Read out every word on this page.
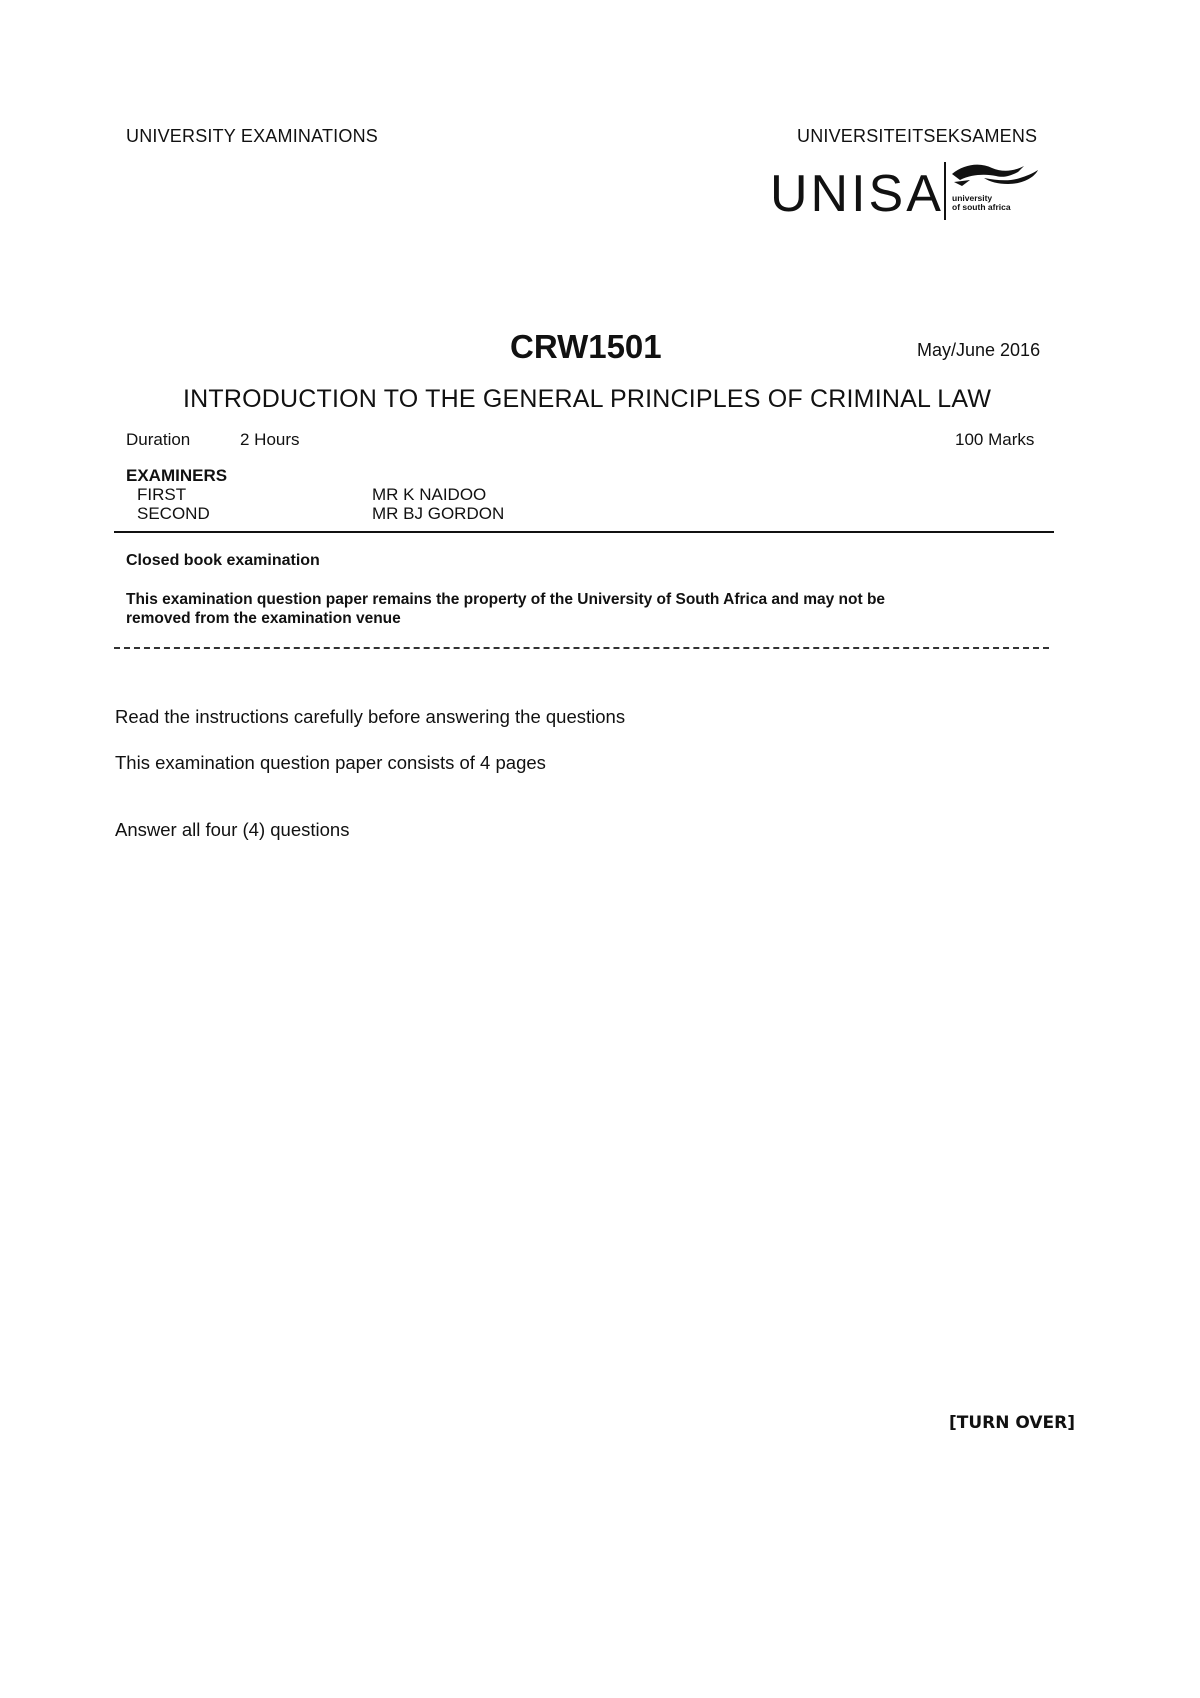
UNIVERSITY EXAMINATIONS	UNIVERSITEITSEKSAMENS
UNISA university
of south africa
CRW1501	May/June 2016
INTRODUCTION TO THE GENERAL PRINCIPLES OF CRIMINAL LAW
Duration	2 Hours	100 Marks
EXAMINERS
FIRST	MR K NAIDOO
SECOND	MR BJ GORDON
Closed book examination
This examination question paper remains the property of the University of South Africa and may not be
removed from the examination venue
Read the instructions carefully before answering the questions
This examination question paper consists of 4 pages
Answer all four (4) questions
[TURN OVER]
